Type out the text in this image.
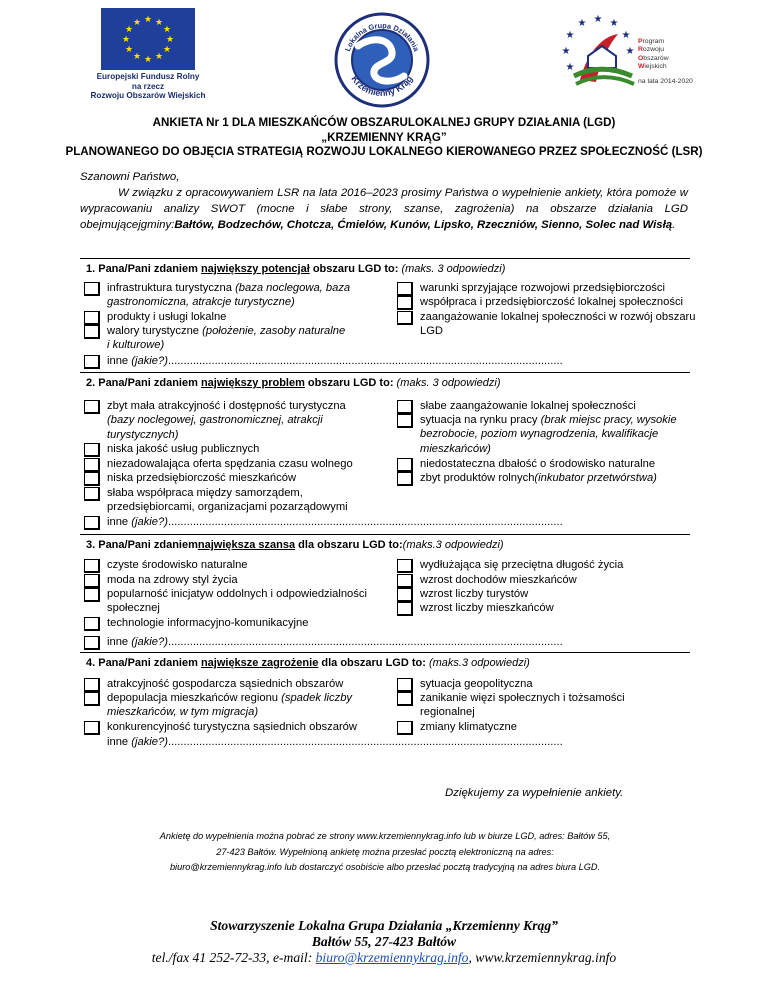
★ ★
★
★
★
★
★
★
★
★
★
★
Europejski Fundusz Rolny
na rzecz
Rozwoju Obszarów Wiejskich
Lokalna Grupa Działania
Krzemienny Krąg
★ ★
★
★
★
★
★
★
Program
Rozwoju
Obszarów
Wiejskich
na lata 2014-2020
ANKIETA Nr 1 DLA MIESZKAŃCÓW OBSZARULOKALNEJ GRUPY DZIAŁANIA (LGD)
„KRZEMIENNY KRĄG”
PLANOWANEGO DO OBJĘCIA STRATEGIĄ ROZWOJU LOKALNEGO KIEROWANEGO PRZEZ SPOŁECZNOŚĆ (LSR)

Szanowni Państwo,

W związku z opracowywaniem LSR na lata 2016–2023 prosimy Państwa o wypełnienie ankiety, która pomoże w wypracowaniu analizy SWOT (mocne i słabe strony, szanse, zagrożenia) na obszarze działania LGD obejmującejgminy:Bałtów, Bodzechów, Chotcza, Ćmielów, Kunów, Lipsko, Rzeczniów, Sienno, Solec nad Wisłą.

1. Pana/Pani zdaniem największy potencjał obszaru LGD to: (maks. 3 odpowiedzi)
infrastruktura turystyczna (baza noclegowa, baza
gastronomiczna, atrakcje turystyczne)
produkty i usługi lokalne
walory turystyczne (położenie, zasoby naturalne
i kulturowe)
warunki sprzyjające rozwojowi przedsiębiorczości
współpraca i przedsiębiorczość lokalnej społeczności
zaangażowanie lokalnej społeczności w rozwój obszaru
LGD
inne (jakie?)...............................................................................................................................
2. Pana/Pani zdaniem największy problem obszaru LGD to: (maks. 3 odpowiedzi)
zbyt mała atrakcyjność i dostępność turystyczna
(bazy noclegowej, gastronomicznej, atrakcji
turystycznych)
niska jakość usług publicznych
niezadowalająca oferta spędzania czasu wolnego
niska przedsiębiorczość mieszkańców
słaba współpraca między samorządem,
przedsiębiorcami, organizacjami pozarządowymi
słabe zaangażowanie lokalnej społeczności
sytuacja na rynku pracy (brak miejsc pracy, wysokie
bezrobocie, poziom wynagrodzenia, kwalifikacje
mieszkańców)
niedostateczna dbałość o środowisko naturalne
zbyt produktów rolnych(inkubator przetwórstwa)
inne (jakie?)...............................................................................................................................
3. Pana/Pani zdaniemnajwiększa szansa dla obszaru LGD to:(maks.3 odpowiedzi)
czyste środowisko naturalne
moda na zdrowy styl życia
popularność inicjatyw oddolnych i odpowiedzialności
społecznej
technologie informacyjno-komunikacyjne
wydłużająca się przeciętna długość życia
wzrost dochodów mieszkańców
wzrost liczby turystów
wzrost liczby mieszkańców
inne (jakie?)...............................................................................................................................
4. Pana/Pani zdaniem największe zagrożenie dla obszaru LGD to: (maks.3 odpowiedzi)
atrakcyjność gospodarcza sąsiednich obszarów
depopulacja mieszkańców regionu (spadek liczby
mieszkańców, w tym migracja)
konkurencyjność turystyczna sąsiednich obszarów
sytuacja geopolityczna
zanikanie więzi społecznych i tożsamości
regionalnej
zmiany klimatyczne
inne (jakie?)...............................................................................................................................
Dziękujemy za wypełnienie ankiety.
Ankietę do wypełnienia można pobrać ze strony www.krzemiennykrag.info lub w biurze LGD, adres: Bałtów 55,
27-423 Bałtów. Wypełnioną ankietę można przesłać pocztą elektroniczną na adres:
biuro@krzemiennykrag.info lub dostarczyć osobiście albo przesłać pocztą tradycyjną na adres biura LGD.
Stowarzyszenie Lokalna Grupa Działania „Krzemienny Krąg”
Bałtów 55, 27-423 Bałtów
tel./fax 41 252-72-33, e-mail: biuro@krzemiennykrag.info, www.krzemiennykrag.info
